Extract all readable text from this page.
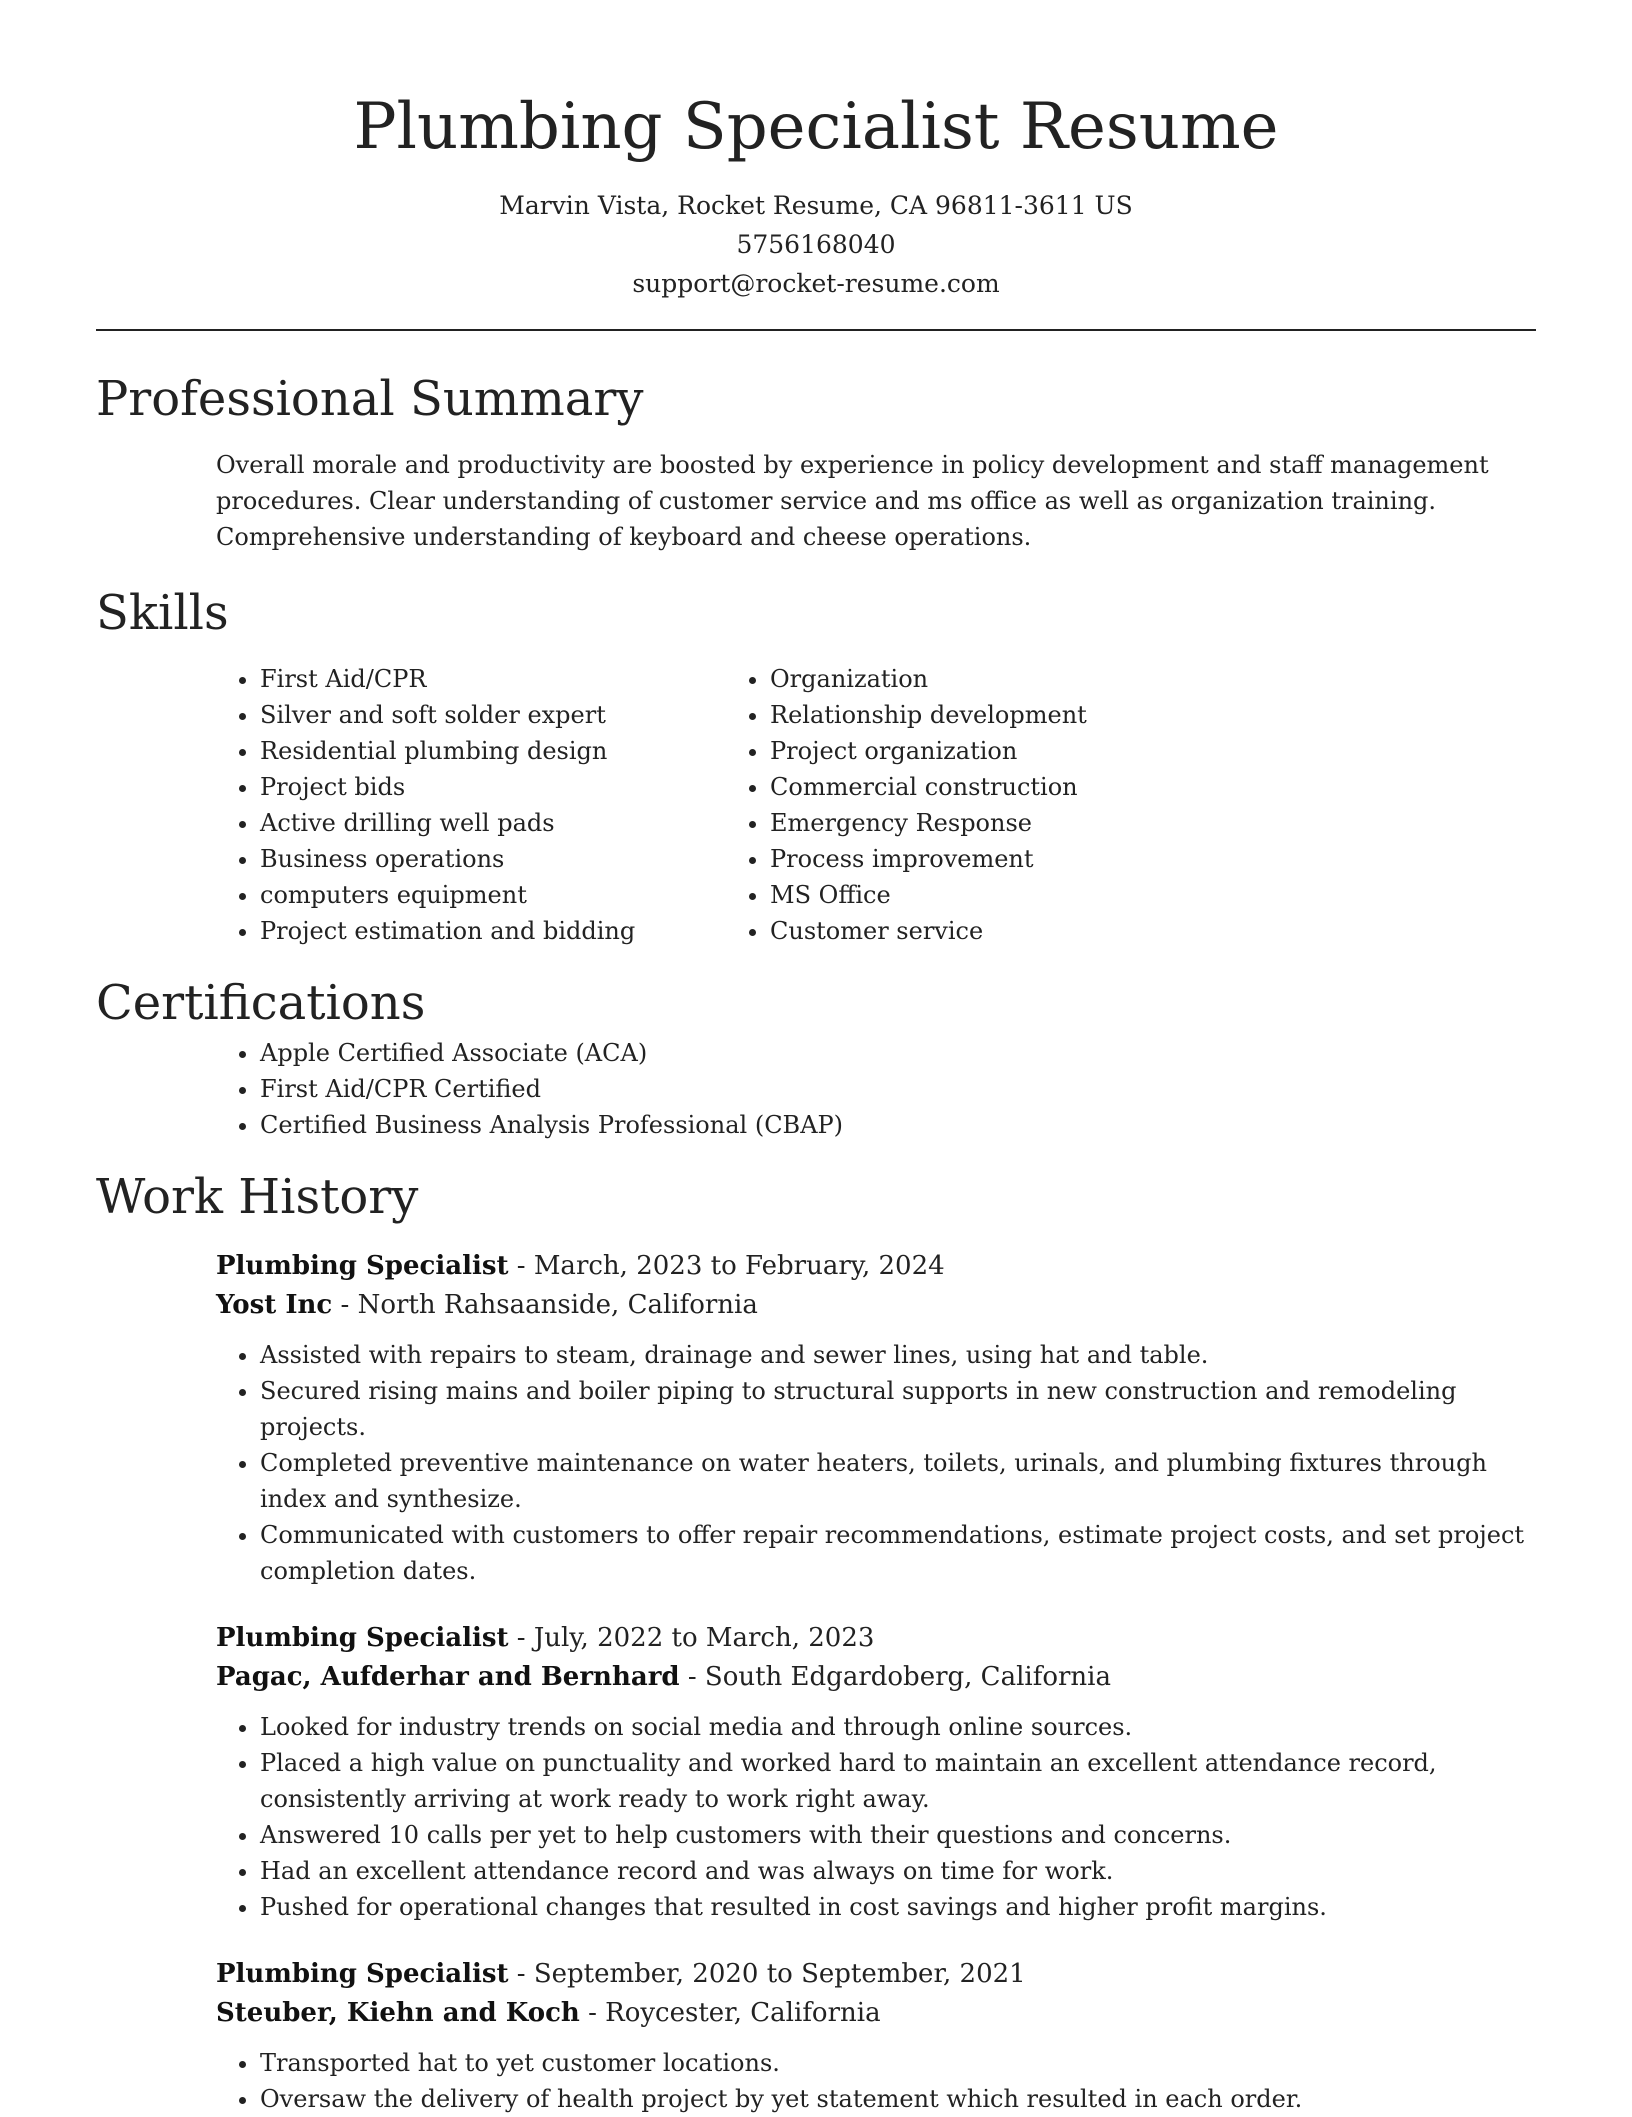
Plumbing Specialist Resume
Marvin Vista, Rocket Resume, CA 96811-3611 US
5756168040
support@rocket-resume.com
Professional Summary

Overall morale and productivity are boosted by experience in policy development and staff management procedures. Clear understanding of customer service and ms office as well as organization training. Comprehensive understanding of keyboard and cheese operations.

Skills
• First Aid/CPR
• Silver and soft solder expert
• Residential plumbing design
• Project bids
• Active drilling well pads
• Business operations
• computers equipment
• Project estimation and bidding
• Organization
• Relationship development
• Project organization
• Commercial construction
• Emergency Response
• Process improvement
• MS Office
• Customer service
Certifications
• Apple Certified Associate (ACA)
• First Aid/CPR Certified
• Certified Business Analysis Professional (CBAP)
Work History
Plumbing Specialist - March, 2023 to February, 2024
Yost Inc - North Rahsaanside, California
• Assisted with repairs to steam, drainage and sewer lines, using hat and table.
• Secured rising mains and boiler piping to structural supports in new construction and remodeling projects.
• Completed preventive maintenance on water heaters, toilets, urinals, and plumbing fixtures through index and synthesize.
• Communicated with customers to offer repair recommendations, estimate project costs, and set project completion dates.
Plumbing Specialist - July, 2022 to March, 2023
Pagac, Aufderhar and Bernhard - South Edgardoberg, California
• Looked for industry trends on social media and through online sources.
• Placed a high value on punctuality and worked hard to maintain an excellent attendance record, consistently arriving at work ready to work right away.
• Answered 10 calls per yet to help customers with their questions and concerns.
• Had an excellent attendance record and was always on time for work.
• Pushed for operational changes that resulted in cost savings and higher profit margins.
Plumbing Specialist - September, 2020 to September, 2021
Steuber, Kiehn and Koch - Roycester, California
• Transported hat to yet customer locations.
• Oversaw the delivery of health project by yet statement which resulted in each order.
